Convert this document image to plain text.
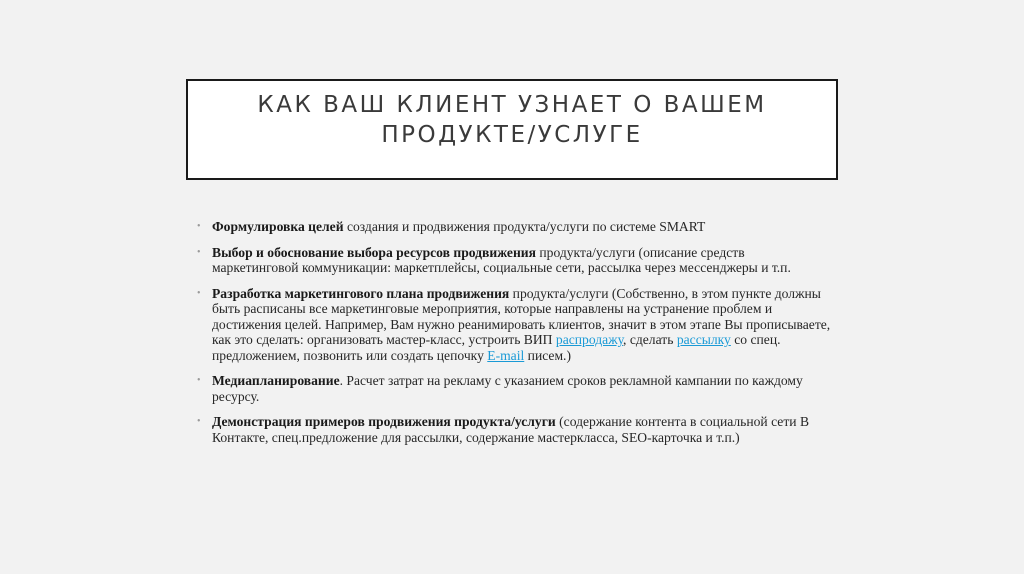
КАК ВАШ КЛИЕНТ УЗНАЕТ О ВАШЕМ ПРОДУКТЕ/УСЛУГЕ
• Формулировка целей создания и продвижения продукта/услуги по системе SMART
• Выбор и обоснование выбора ресурсов продвижения продукта/услуги (описание средств маркетинговой коммуникации: маркетплейсы, социальные сети, рассылка через мессенджеры и т.п.
• Разработка маркетингового плана продвижения продукта/услуги (Собственно, в этом пункте должны быть расписаны все маркетинговые мероприятия, которые направлены на устранение проблем и достижения целей. Например, Вам нужно реанимировать клиентов, значит в этом этапе Вы прописываете, как это сделать: организовать мастер-класс, устроить ВИП распродажу, сделать рассылку со спец. предложением, позвонить или создать цепочку E-mail писем.)
• Медиапланирование. Расчет затрат на рекламу с указанием сроков рекламной кампании по каждому ресурсу.
• Демонстрация примеров продвижения продукта/услуги (содержание контента в социальной сети В Контакте, спец.предложение для рассылки, содержание мастеркласса, SEO-карточка и т.п.)
